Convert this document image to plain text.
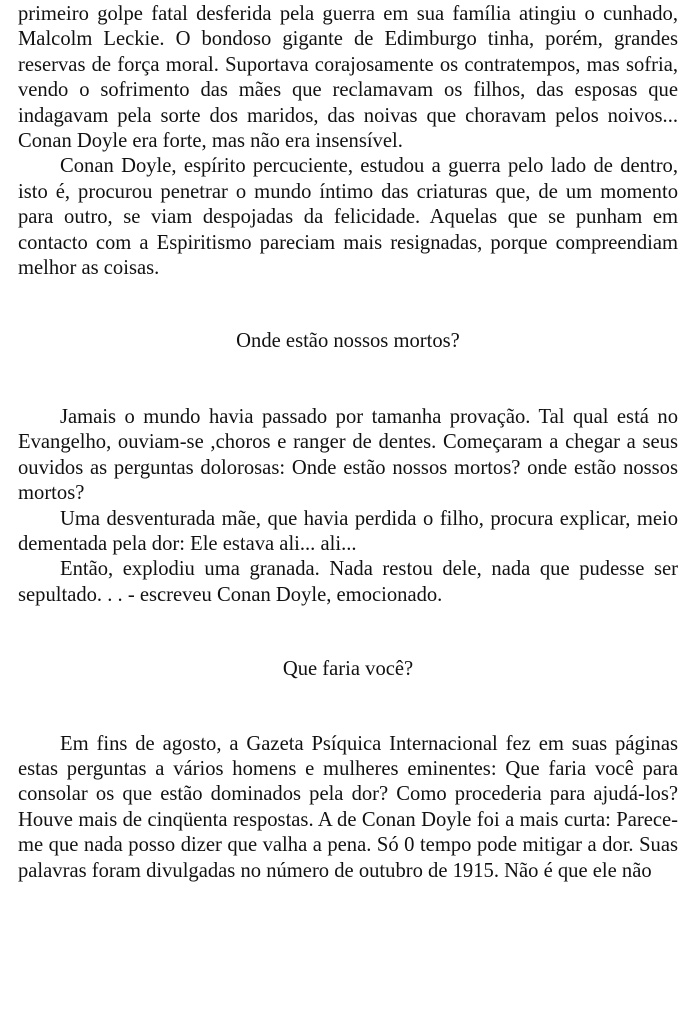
primeiro golpe fatal desferida pela guerra em sua família atingiu o cunhado, Malcolm Leckie. O bondoso gigante de Edimburgo tinha, porém, grandes reservas de força moral. Suportava corajosamente os contratempos, mas sofria, vendo o sofrimento das mães que reclamavam os filhos, das esposas que indagavam pela sorte dos maridos, das noivas que choravam pelos noivos... Conan Doyle era forte, mas não era insensível.

Conan Doyle, espírito percuciente, estudou a guerra pelo lado de dentro, isto é, procurou penetrar o mundo íntimo das criaturas que, de um momento para outro, se viam despojadas da felicidade. Aquelas que se punham em contacto com a Espiritismo pareciam mais resignadas, porque compreendiam melhor as coisas.

Onde estão nossos mortos?

Jamais o mundo havia passado por tamanha provação. Tal qual está no Evangelho, ouviam-se ,choros e ranger de dentes. Começaram a chegar a seus ouvidos as perguntas dolorosas: Onde estão nossos mortos? onde estão nossos mortos?

Uma desventurada mãe, que havia perdida o filho, procura explicar, meio dementada pela dor: Ele estava ali... ali...

Então, explodiu uma granada. Nada restou dele, nada que pudesse ser sepultado. . . - escreveu Conan Doyle, emocionado.

Que faria você?

Em fins de agosto, a Gazeta Psíquica Internacional fez em suas páginas estas perguntas a vários homens e mulheres eminentes: Que faria você para consolar os que estão dominados pela dor? Como procederia para ajudá-los? Houve mais de cinqüenta respostas. A de Conan Doyle foi a mais curta: Parece-me que nada posso dizer que valha a pena. Só 0 tempo pode mitigar a dor. Suas palavras foram divulgadas no número de outubro de 1915. Não é que ele não
